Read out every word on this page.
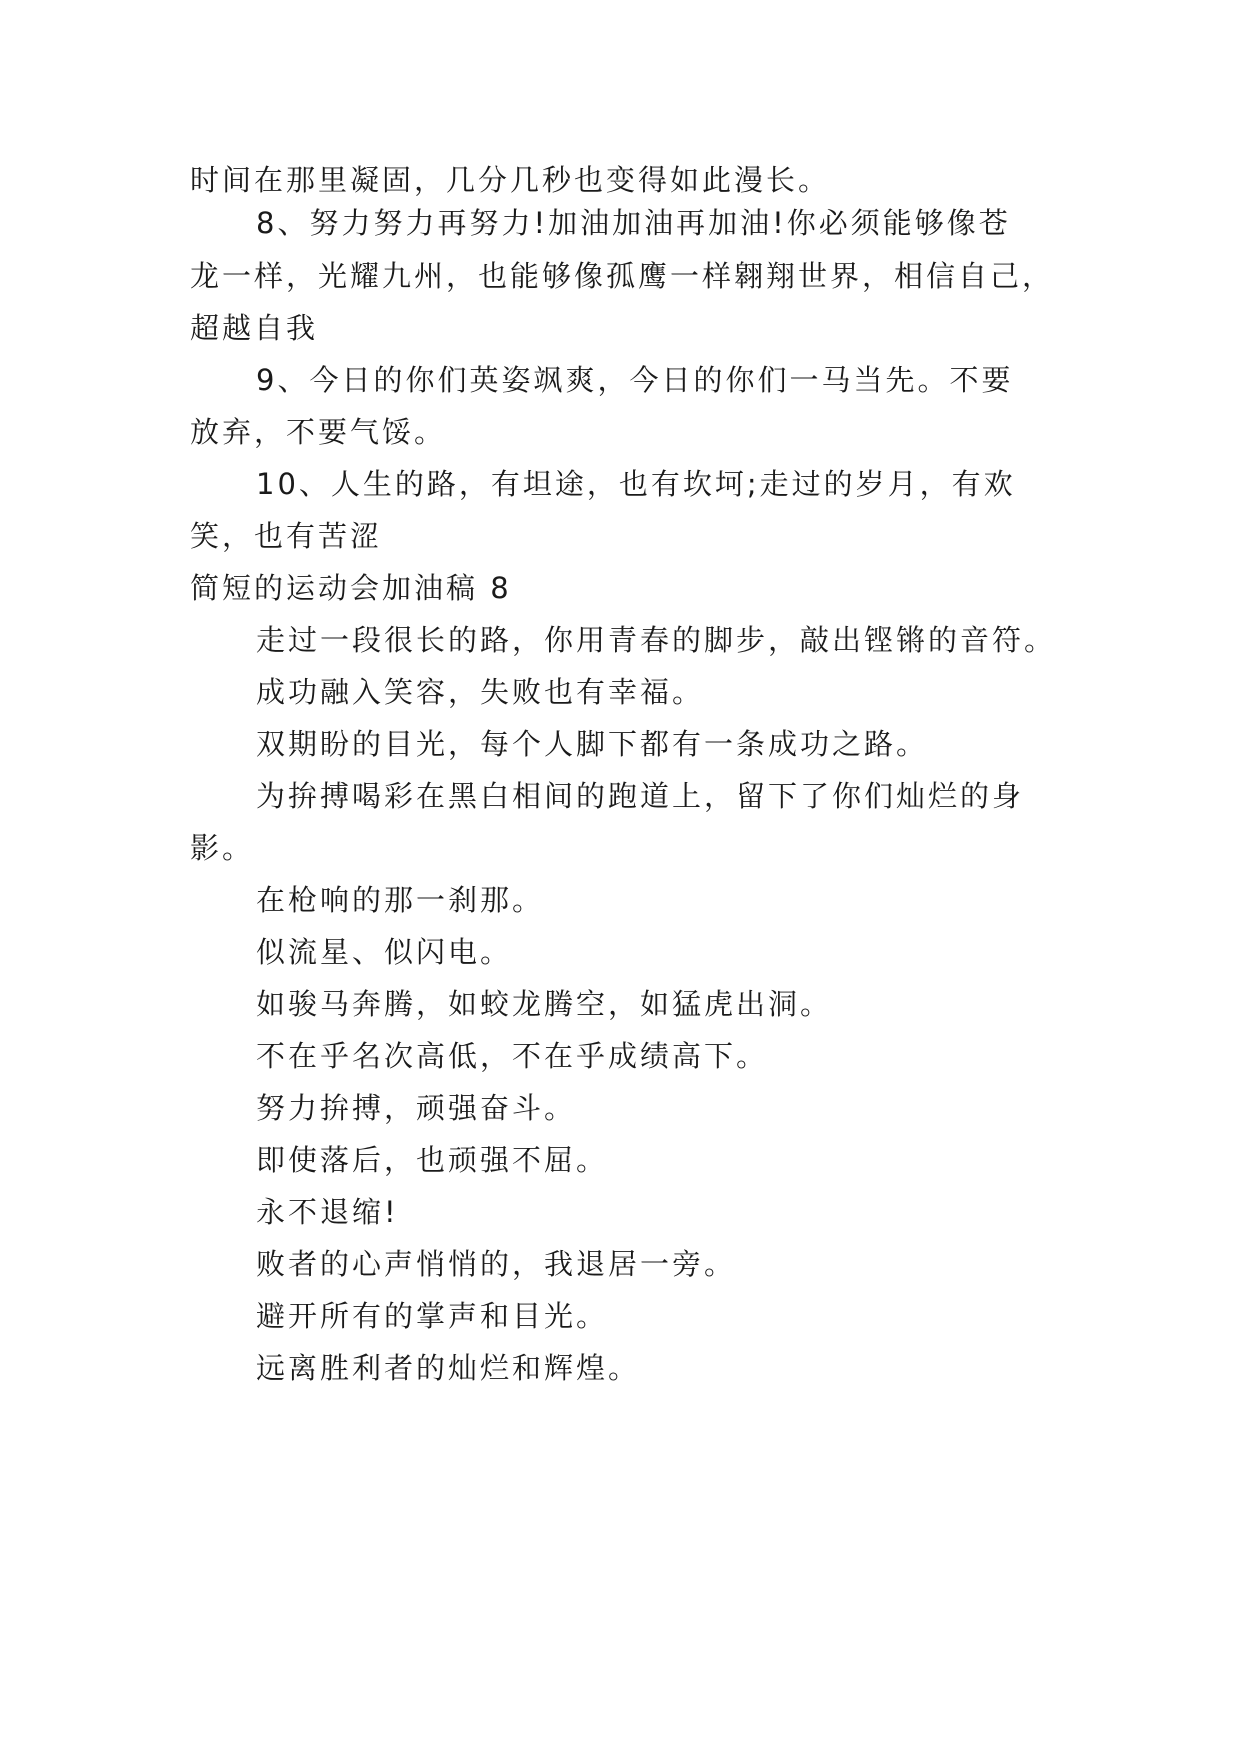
时间在那里凝固，几分几秒也变得如此漫长。
8、努力努力再努力!加油加油再加油!你必须能够像苍
龙一样，光耀九州，也能够像孤鹰一样翱翔世界，相信自己，
超越自我
9、今日的你们英姿飒爽，今日的你们一马当先。不要
放弃，不要气馁。
10、人生的路，有坦途，也有坎坷;走过的岁月，有欢
笑，也有苦涩
简短的运动会加油稿 8
走过一段很长的路，你用青春的脚步，敲出铿锵的音符。
成功融入笑容，失败也有幸福。
双期盼的目光，每个人脚下都有一条成功之路。
为拚搏喝彩在黑白相间的跑道上，留下了你们灿烂的身
影。
在枪响的那一刹那。
似流星、似闪电。
如骏马奔腾，如蛟龙腾空，如猛虎出洞。
不在乎名次高低，不在乎成绩高下。
努力拚搏，顽强奋斗。
即使落后，也顽强不屈。
永不退缩!
败者的心声悄悄的，我退居一旁。
避开所有的掌声和目光。
远离胜利者的灿烂和辉煌。
